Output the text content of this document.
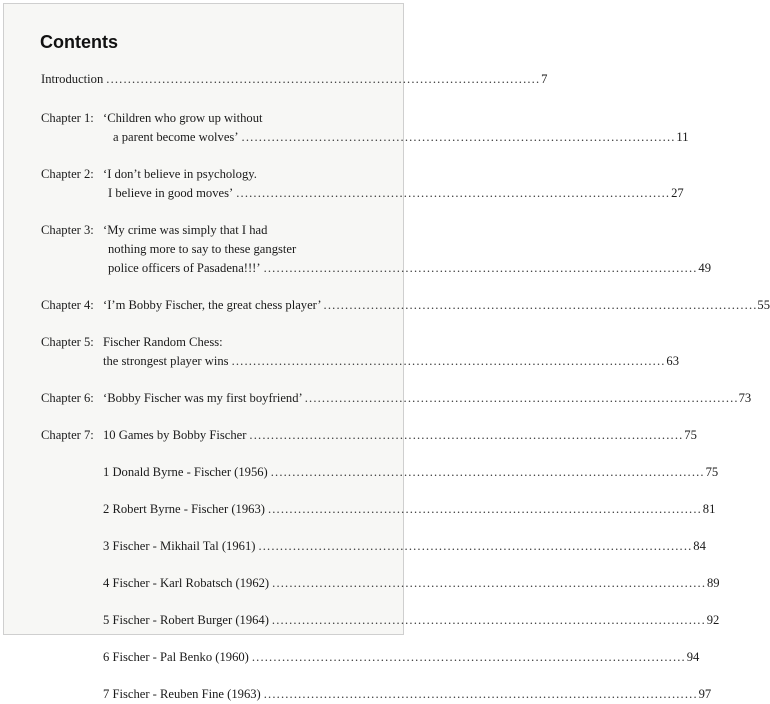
Contents
Introduction . . .	7
Chapter 1: ‘Children who grow up without
a parent become wolves’ . . .	11
Chapter 2: ‘I don’t believe in psychology.
I believe in good moves’ . . .	27
Chapter 3: ‘My crime was simply that I had
nothing more to say to these gangster
police officers of Pasadena!!!’ . . .	49
Chapter 4: ‘I’m Bobby Fischer, the great chess player’ . . .	55
Chapter 5: Fischer Random Chess:
the strongest player wins . . .	63
Chapter 6: ‘Bobby Fischer was my first boyfriend’ . . .	73
Chapter 7: 10 Games by Bobby Fischer . . .	75
1 Donald Byrne - Fischer (1956) . . .	75
2 Robert Byrne - Fischer (1963) . . .	81
3 Fischer - Mikhail Tal (1961) . . .	84
4 Fischer - Karl Robatsch (1962) . . .	89
5 Fischer - Robert Burger (1964) . . .	92
6 Fischer - Pal Benko (1960) . . .	94
7 Fischer - Reuben Fine (1963) . . .	97
